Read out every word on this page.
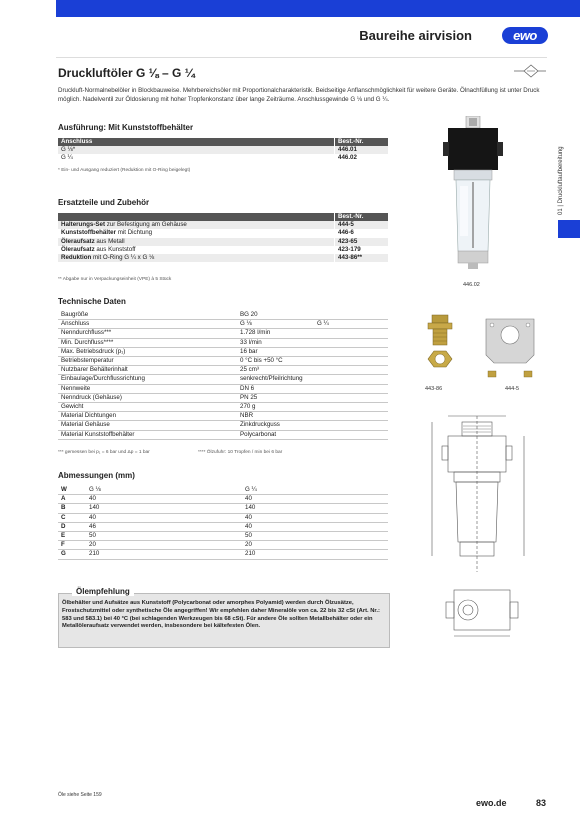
Baureihe airvision	ewo
01 | Druckluftaufbereitung
Druckluftöler G ⅛ – G ¼
Druckluft-Normalnebelöler in Blockbauweise. Mehrbereichsöler mit Proportionalcharakteristik. Beidseitige Anflanschmöglichkeit für weitere Geräte. Ölnachfüllung ist unter Druck möglich. Nadelventil zur Öldosierung mit hoher Tropfenkonstanz über lange Zeiträume. Anschlussgewinde G ⅛ und G ¼.
Ausführung: Mit Kunststoffbehälter
Anschluss	Best.-Nr.
G ⅛*	446.01
G ¼	446.02
* Ein- und Ausgang reduziert (Reduktion mit O-Ring beigelegt)
Ersatzteile und Zubehör
	Best.-Nr.
Halterungs-Set zur Befestigung am Gehäuse	444-5
Kunststoffbehälter mit Dichtung	446-6
Öleraufsatz aus Metall	423-65
Öleraufsatz aus Kunststoff	423-179
Reduktion mit O-Ring G ¼ x G ⅛	443-86**
** Abgabe nur in Verpackungseinheit (VPE) à 5 Stück
Technische Daten
Baugröße	BG 20	
Anschluss	G ⅛	G ¼
Nenndurchfluss***	1.728 l/min	
Min. Durchfluss****	33 l/min	
Max. Betriebsdruck (p₁)	16 bar	
Betriebstemperatur	0 °C bis +50 °C	
Nutzbarer Behälterinhalt	25 cm³	
Einbaulage/Durchflussrichtung	senkrecht/Pfeilrichtung	
Nennweite	DN 6	
Nenndruck (Gehäuse)	PN 25	
Gewicht	270 g	
Material Dichtungen	NBR	
Material Gehäuse	Zinkdruckguss	
Material Kunststoffbehälter	Polycarbonat	
*** gemessen bei p₁ = 6 bar und Δp = 1 bar	**** Ölzufuhr: 10 Tropfen / min bei 6 bar
Abmessungen (mm)
W	G ⅛	G ¼
A	40	40
B	140	140
C	40	40
D	46	40
E	50	50
F	20	20
G	210	210
Ölempfehlung
Ölbehälter und Aufsätze aus Kunststoff (Polycarbonat oder amorphes Polyamid) werden durch Ölzusätze, Frostschutzmittel oder synthetische Öle angegriffen! Wir empfehlen daher Mineralöle von ca. 22 bis 32 cSt (Art. Nr.: 583 und 583.1) bei 40 °C (bei schlagenden Werkzeugen bis 68 cSt). Für andere Öle sollten Metallbehälter oder ein Metallöleraufsatz verwendet werden, insbesondere bei kältefesten Ölen.
446.02
443-86	444-5
Öle siehe Seite 159
ewo.de	83
